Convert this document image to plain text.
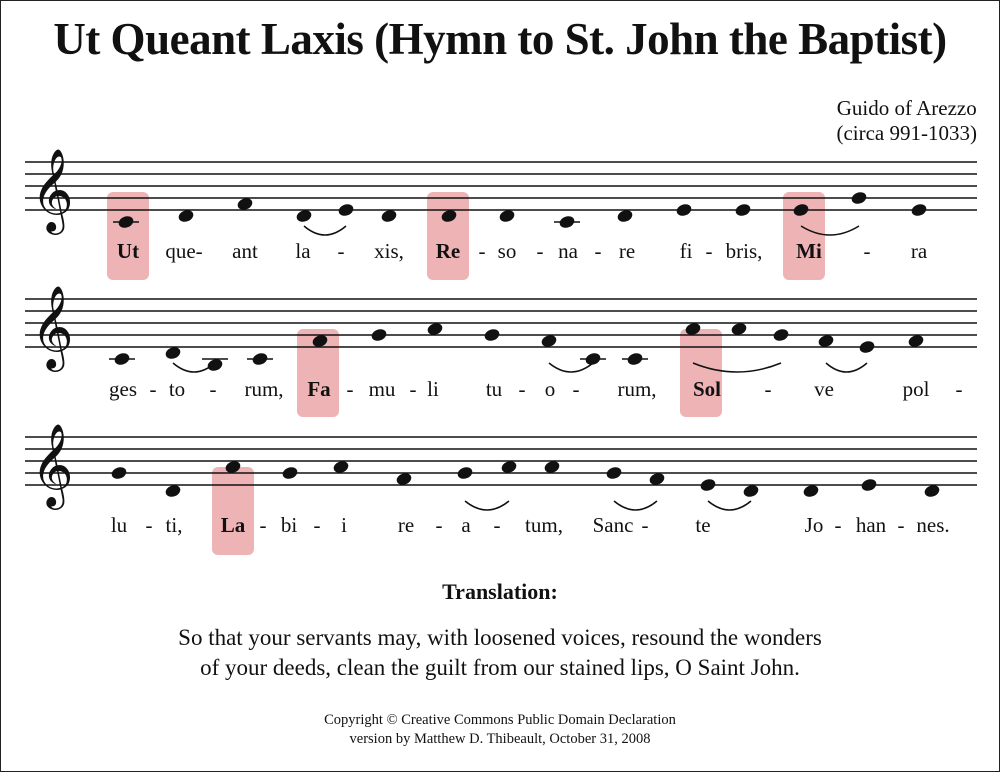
Ut Queant Laxis (Hymn to St. John the Baptist)
Guido of Arezzo
(circa 991-1033)
𝄞
𝄞
𝄞
Ut que- ant la - xis, Re - so - na - re fi - bris, Mi - ra
ges - to - rum, Fa - mu - li tu - o - rum, Sol - ve	pol -
lu - ti, La - bi - i re - a - tum, Sanc - te	Jo - han - nes.
Translation:
So that your servants may, with loosened voices, resound the wonders
of your deeds, clean the guilt from our stained lips, O Saint John.
Copyright © Creative Commons Public Domain Declaration
version by Matthew D. Thibeault, October 31, 2008
